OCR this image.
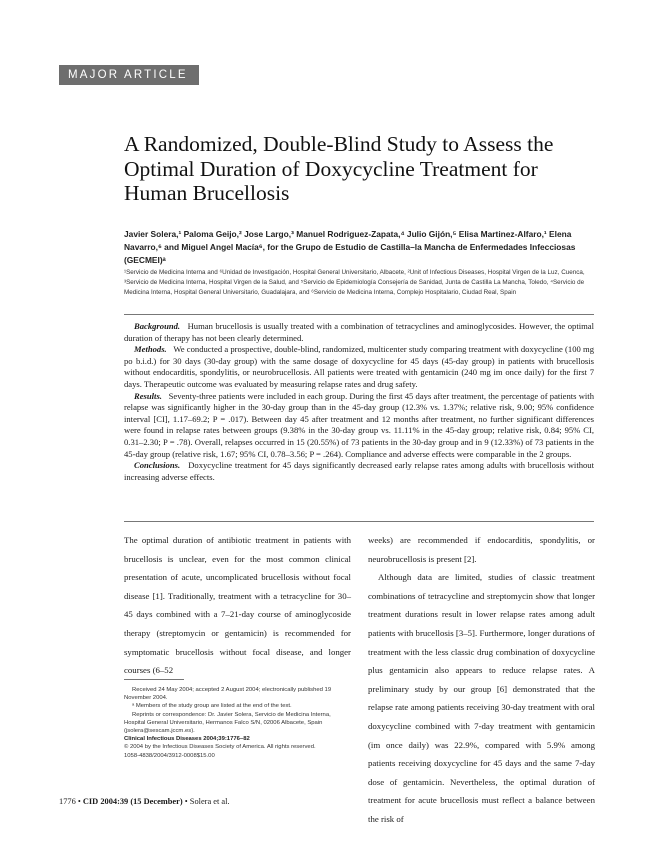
MAJOR ARTICLE
A Randomized, Double-Blind Study to Assess the Optimal Duration of Doxycycline Treatment for Human Brucellosis
Javier Solera,¹ Paloma Geijo,² Jose Largo,³ Manuel Rodriguez-Zapata,⁴ Julio Gijón,⁵ Elisa Martinez-Alfaro,¹ Elena Navarro,⁶ and Miguel Angel Macía⁶, for the Grupo de Estudio de Castilla–la Mancha de Enfermedades Infecciosas (GECMEI)ᵃ
¹Servicio de Medicina Interna and ⁶Unidad de Investigación, Hospital General Universitario, Albacete, ²Unit of Infectious Diseases, Hospital Virgen de la Luz, Cuenca, ³Servicio de Medicina Interna, Hospital Virgen de la Salud, and ⁵Servicio de Epidemiología Consejería de Sanidad, Junta de Castilla La Mancha, Toledo, ⁴Servicio de Medicina Interna, Hospital General Universitario, Guadalajara, and ⁶Servicio de Medicina Interna, Complejo Hospitalario, Ciudad Real, Spain

Background. Human brucellosis is usually treated with a combination of tetracyclines and aminoglycosides. However, the optimal duration of therapy has not been clearly determined.

Methods. We conducted a prospective, double-blind, randomized, multicenter study comparing treatment with doxycycline (100 mg po b.i.d.) for 30 days (30-day group) with the same dosage of doxycycline for 45 days (45-day group) in patients with brucellosis without endocarditis, spondylitis, or neurobrucellosis. All patients were treated with gentamicin (240 mg im once daily) for the first 7 days. Therapeutic outcome was evaluated by measuring relapse rates and drug safety.

Results. Seventy-three patients were included in each group. During the first 45 days after treatment, the percentage of patients with relapse was significantly higher in the 30-day group than in the 45-day group (12.3% vs. 1.37%; relative risk, 9.00; 95% confidence interval [CI], 1.17–69.2; P = .017). Between day 45 after treatment and 12 months after treatment, no further significant differences were found in relapse rates between groups (9.38% in the 30-day group vs. 11.11% in the 45-day group; relative risk, 0.84; 95% CI, 0.31–2.30; P = .78). Overall, relapses occurred in 15 (20.55%) of 73 patients in the 30-day group and in 9 (12.33%) of 73 patients in the 45-day group (relative risk, 1.67; 95% CI, 0.78–3.56; P = .264). Compliance and adverse effects were comparable in the 2 groups.

Conclusions. Doxycycline treatment for 45 days significantly decreased early relapse rates among adults with brucellosis without increasing adverse effects.

The optimal duration of antibiotic treatment in patients with brucellosis is unclear, even for the most common clinical presentation of acute, uncomplicated brucellosis without focal disease [1]. Traditionally, treatment with a tetracycline for 30–45 days combined with a 7–21-day course of aminoglycoside therapy (streptomycin or gentamicin) is recommended for symptomatic brucellosis without focal disease, and longer courses (6–52

weeks) are recommended if endocarditis, spondylitis, or neurobrucellosis is present [2].

Although data are limited, studies of classic treatment combinations of tetracycline and streptomycin show that longer treatment durations result in lower relapse rates among adult patients with brucellosis [3–5]. Furthermore, longer durations of treatment with the less classic drug combination of doxycycline plus gentamicin also appears to reduce relapse rates. A preliminary study by our group [6] demonstrated that the relapse rate among patients receiving 30-day treatment with oral doxycycline combined with 7-day treatment with gentamicin (im once daily) was 22.9%, compared with 5.9% among patients receiving doxycycline for 45 days and the same 7-day dose of gentamicin. Nevertheless, the optimal duration of treatment for acute brucellosis must reflect a balance between the risk of

Received 24 May 2004; accepted 2 August 2004; electronically published 19 November 2004.
ᵃ Members of the study group are listed at the end of the text.
Reprints or correspondence: Dr. Javier Solera, Servicio de Medicina Interna, Hospital General Universitario, Hermanos Falco S/N, 02006 Albacete, Spain (jsolera@sescam.jccm.es).
Clinical Infectious Diseases 2004;39:1776–82
© 2004 by the Infectious Diseases Society of America. All rights reserved.
1058-4838/2004/3912-0008$15.00
1776 • CID 2004:39 (15 December) • Solera et al.
